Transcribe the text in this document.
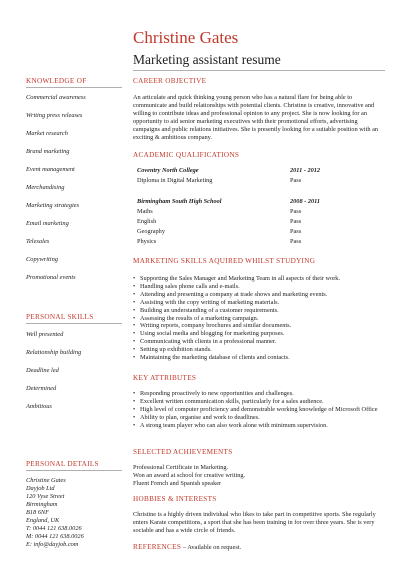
Christine Gates
Marketing assistant resume
KNOWLEDGE OF
Commercial awareness
Writing press releases
Market research
Brand marketing
Event management
Merchandising
Marketing strategies
Email marketing
Telesales
Copywriting
Promotional events
PERSONAL SKILLS
Well presented
Relationship building
Deadline led
Determined
Ambitious
PERSONAL DETAILS
Christine Gates
Dayjob Ltd
120 Vyse Street
Birmingham
B18 6NF
England, UK
T: 0044 121 638.0026
M: 0044 121 638.0026
E: info@dayjob.com
CAREER OBJECTIVE

An articulate and quick thinking young person who has a natural flare for being able to communicate and build relationships with potential clients. Christine is creative, innovative and willing to contribute ideas and professional opinion to any project. She is now looking for an opportunity to aid senior marketing executives with their promotional efforts, advertising campaigns and public relations initiatives. She is presently looking for a suitable position with an exciting & ambitious company.

ACADEMIC QUALIFICATIONS
Coventry North College	2011 - 2012
Diploma in Digital Marketing	Pass
Birmingham South High School	2008 - 2011
Maths	Pass
English	Pass
Geography	Pass
Physics	Pass
MARKETING SKILLS AQUIRED WHILST STUDYING
• Supporting the Sales Manager and Marketing Team in all aspects of their work.
• Handling sales phone calls and e-mails.
• Attending and presenting a company at trade shows and marketing events.
• Assisting with the copy writing of marketing materials.
• Building an understanding of a customer requirements.
• Assessing the results of a marketing campaign.
• Writing reports, company brochures and similar documents.
• Using social media and blogging for marketing purposes.
• Communicating with clients in a professional manner.
• Setting up exhibition stands.
• Maintaining the marketing database of clients and contacts.
KEY ATTRIBUTES
• Responding proactively to new opportunities and challenges.
• Excellent written communication skills, particularly for a sales audience.
• High level of computer proficiency and demonstrable working knowledge of Microsoft Office
• Ability to plan, organise and work to deadlines.
• A strong team player who can also work alone with minimum supervision.
SELECTED ACHIEVEMENTS
Professional Certificate in Marketing.
Won an award at school for creative writing.
Fluent French and Spanish speaker
HOBBIES & INTERESTS

Christine is a highly driven individual who likes to take part in competitive sports. She regularly enters Karate competitions, a sport that she has been training in for over three years. She is very sociable and has a wide circle of friends.

REFERENCES – Available on request.
